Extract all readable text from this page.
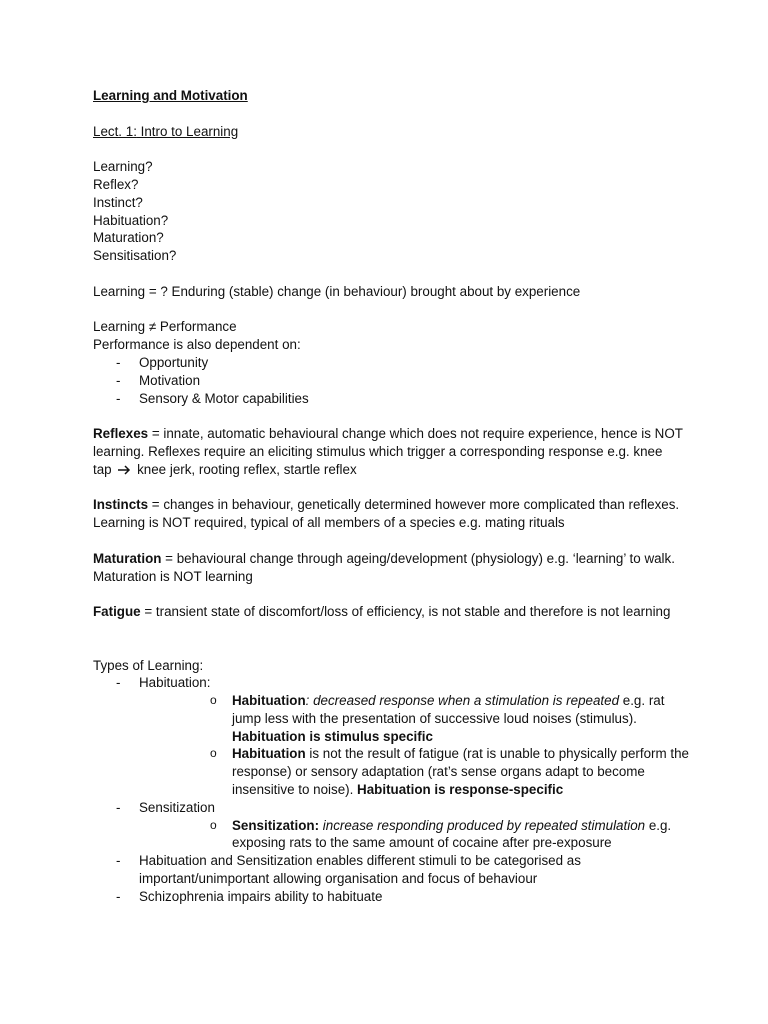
Learning and Motivation

Lect. 1: Intro to Learning

Learning?

Reflex?

Instinct?

Habituation?

Maturation?

Sensitisation?

Learning = ? Enduring (stable) change (in behaviour) brought about by experience

Learning ≠ Performance

Performance is also dependent on:

- Opportunity
- Motivation
- Sensory & Motor capabilities

Reflexes = innate, automatic behavioural change which does not require experience, hence is NOT learning. Reflexes require an eliciting stimulus which trigger a corresponding response e.g. knee tap knee jerk, rooting reflex, startle reflex

Instincts = changes in behaviour, genetically determined however more complicated than reflexes. Learning is NOT required, typical of all members of a species e.g. mating rituals

Maturation = behavioural change through ageing/development (physiology) e.g. ‘learning’ to walk. Maturation is NOT learning

Fatigue = transient state of discomfort/loss of efficiency, is not stable and therefore is not learning

Types of Learning:

- Habituation:
o Habituation: decreased response when a stimulation is repeated e.g. rat jump less with the presentation of successive loud noises (stimulus). Habituation is stimulus specific
o Habituation is not the result of fatigue (rat is unable to physically perform the response) or sensory adaptation (rat’s sense organs adapt to become insensitive to noise). Habituation is response-specific
- Sensitization
o Sensitization: increase responding produced by repeated stimulation e.g. exposing rats to the same amount of cocaine after pre-exposure
- Habituation and Sensitization enables different stimuli to be categorised as important/unimportant allowing organisation and focus of behaviour
- Schizophrenia impairs ability to habituate
